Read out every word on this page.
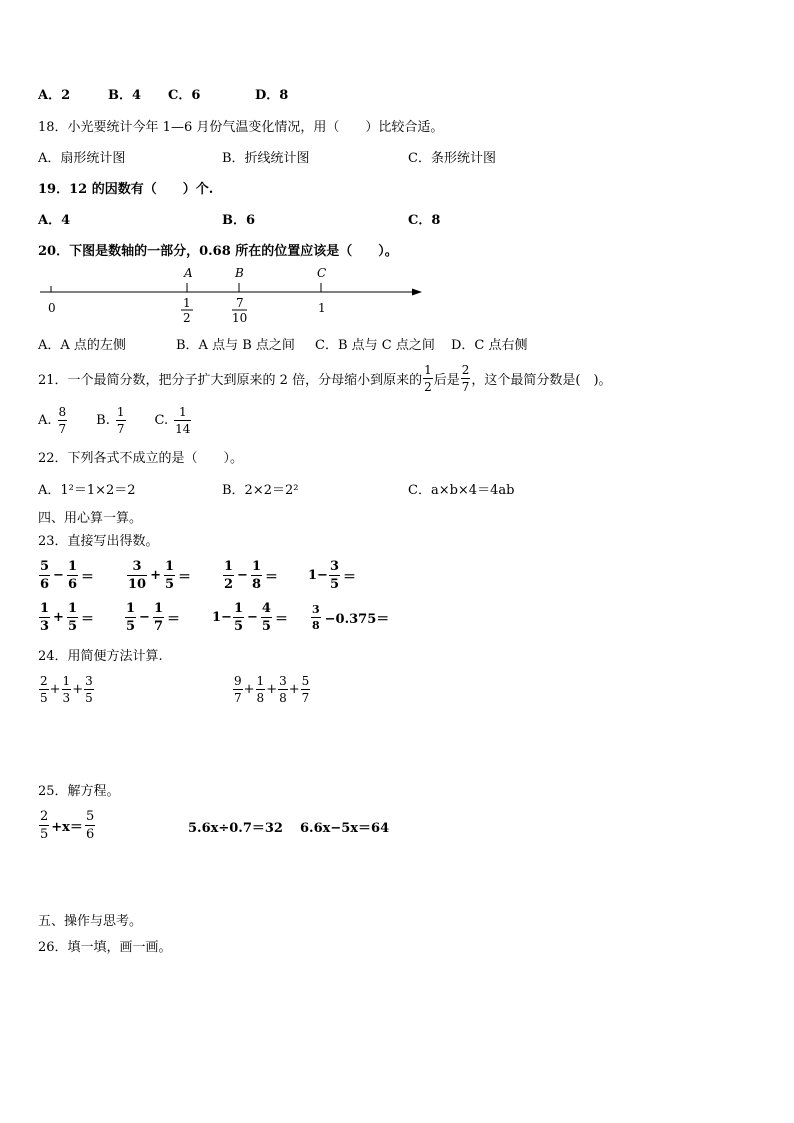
A．2	B．4 C．6	D．8
18．小光要统计今年 1—6 月份气温变化情况，用（　　）比较合适。
A．扇形统计图	B．折线统计图	C．条形统计图
19．12 的因数有（　　）个.
A．4	B．6	C．8
20．下图是数轴的一部分，0.68 所在的位置应该是（　　）。
A	B	C
0	1
2
7
10
1
A．A 点的左侧	B．A 点与 B 点之间 C．B 点与 C 点之间 D．C 点右侧
21．一个最简分数，把分子扩大到原来的 2 倍，分母缩小到原来的 $\frac{1}{2}$ 后是 $\frac{2}{7}$ ，这个最简分数是(　)。
A. $\frac{8}{7} B$. $\frac{1}{7} C$. $\frac{1}{14}$
22．下列各式不成立的是（　　）。
A．1²＝1×2＝2	B．2×2＝2²	C．a×b×4＝4ab
四、用心算一算。
23．直接写出得数。
$\frac{5}{6} - \frac{1}{6}$ ＝	$\frac{3}{10} + \frac{1}{5} = \frac{1}{2} - \frac{1}{8} = 1- \frac{3}{5}$ ＝
$\frac{1}{3} + \frac{1}{5} = \frac{1}{5} - \frac{1}{7} = 1- \frac{1}{5} - \frac{4}{5} = \frac{3}{8} -0.375=$
24．用简便方法计算.
$\frac{2}{5} + \frac{1}{3} + \frac{3}{5}$	$\frac{9}{7} + \frac{1}{8} + \frac{3}{8} + \frac{5}{7}$
25．解方程。
$\frac{2}{5} +x= \frac{5}{6}$	5.6x÷0.7＝32 6.6x−5x＝64
五、操作与思考。
26．填一填，画一画。
